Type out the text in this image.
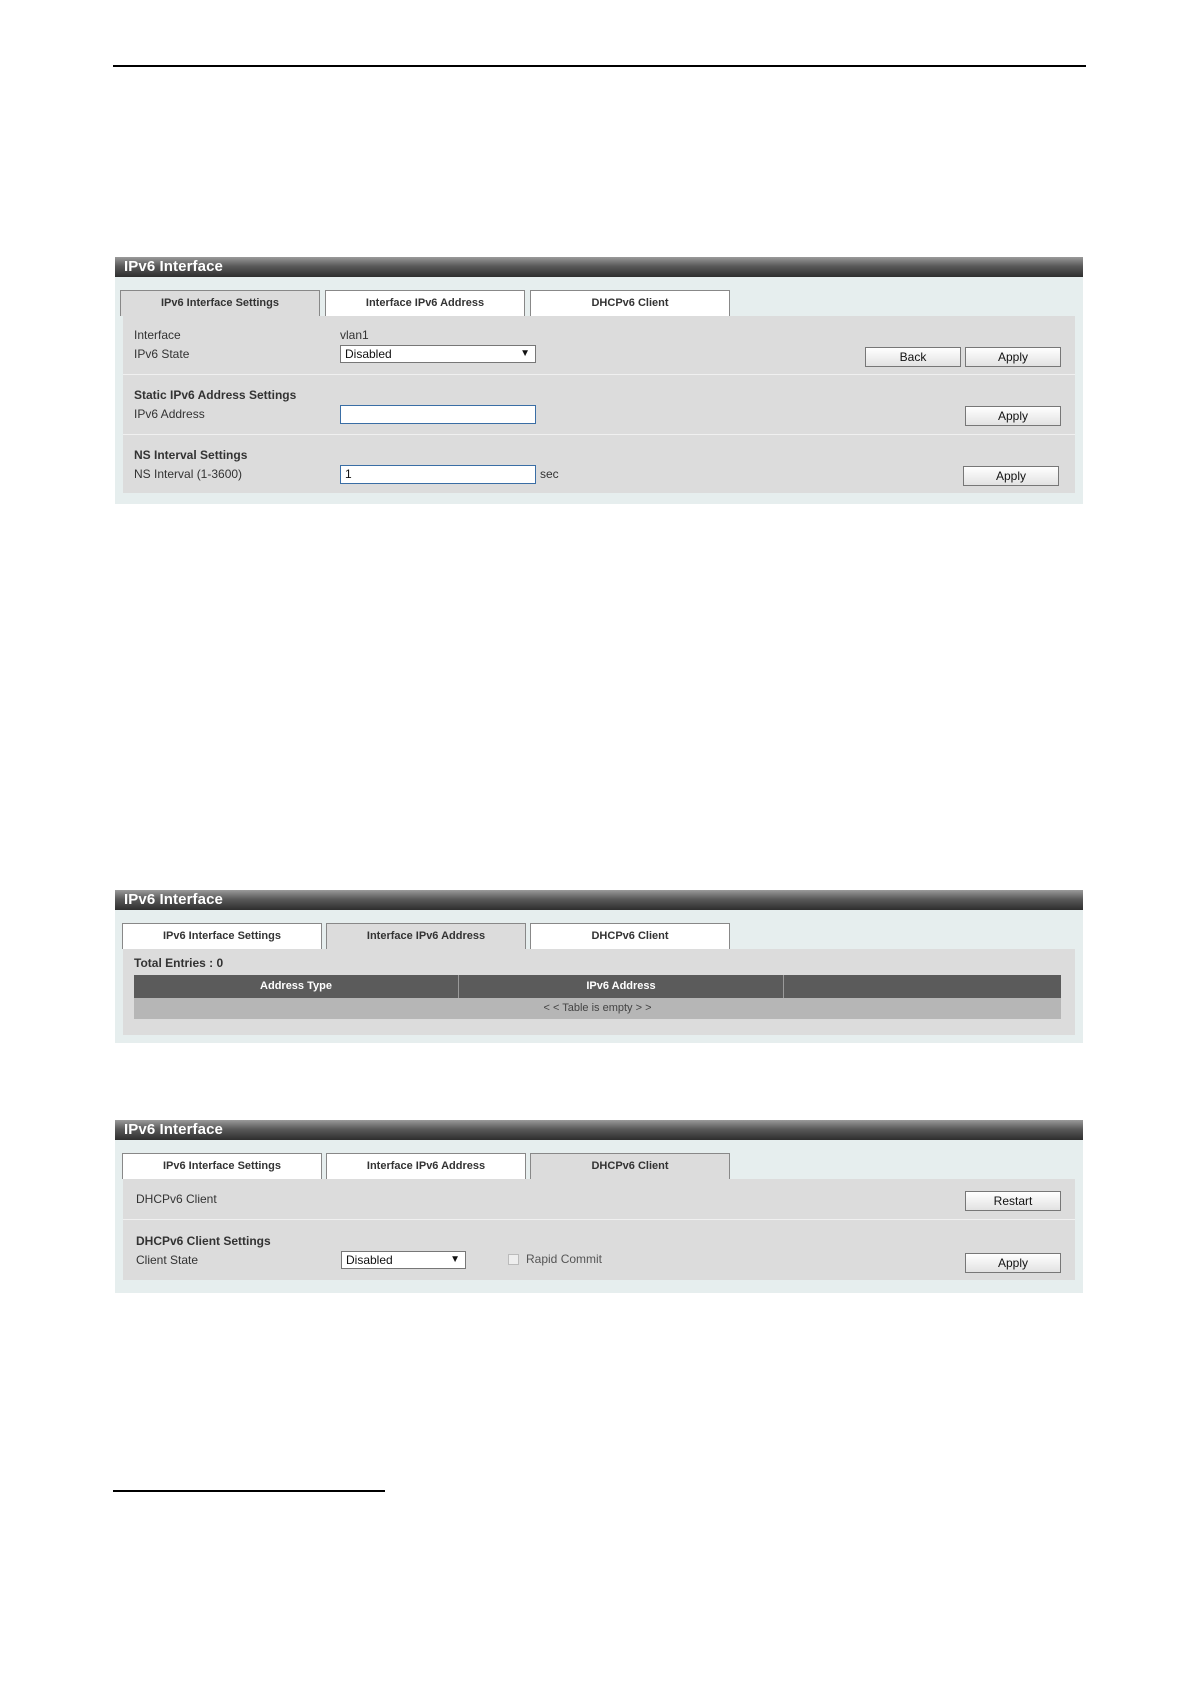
IPv6 Interface
IPv6 Interface Settings	Interface IPv6 Address	DHCPv6 Client
Interface	vlan1
IPv6 State	Disabled	▼	Back	Apply
Static IPv6 Address Settings
IPv6 Address	Apply
NS Interval Settings
NS Interval (1-3600)	1	sec	Apply
IPv6 Interface
IPv6 Interface Settings	Interface IPv6 Address	DHCPv6 Client
Total Entries : 0
Address Type	IPv6 Address
< < Table is empty > >
IPv6 Interface
IPv6 Interface Settings	Interface IPv6 Address	DHCPv6 Client
DHCPv6 Client	Restart
DHCPv6 Client Settings
Client State	Disabled	▼	Rapid Commit	Apply
